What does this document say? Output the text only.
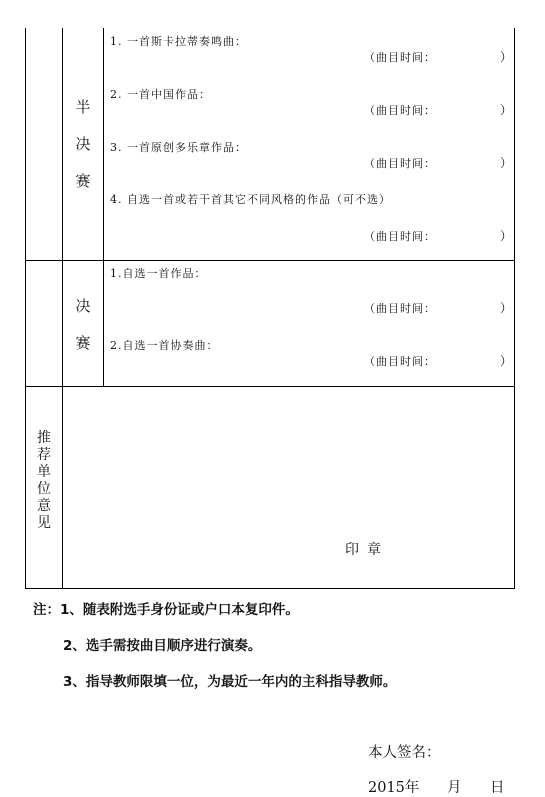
半
决
赛
1. 一首斯卡拉蒂奏鸣曲：
（曲目时间：	）
2. 一首中国作品：
（曲目时间：	）
3. 一首原创多乐章作品：
（曲目时间：	）
4. 自选一首或若干首其它不同风格的作品（可不选）
（曲目时间：	）
决
赛
1.自选一首作品：
（曲目时间：	）
2.自选一首协奏曲：
（曲目时间：	）
推
荐
单
位
意
见
印章
注：1、随表附选手身份证或户口本复印件。
2、选手需按曲目顺序进行演奏。
3、指导教师限填一位，为最近一年内的主科指导教师。
本人签名：
2015年 月 日
